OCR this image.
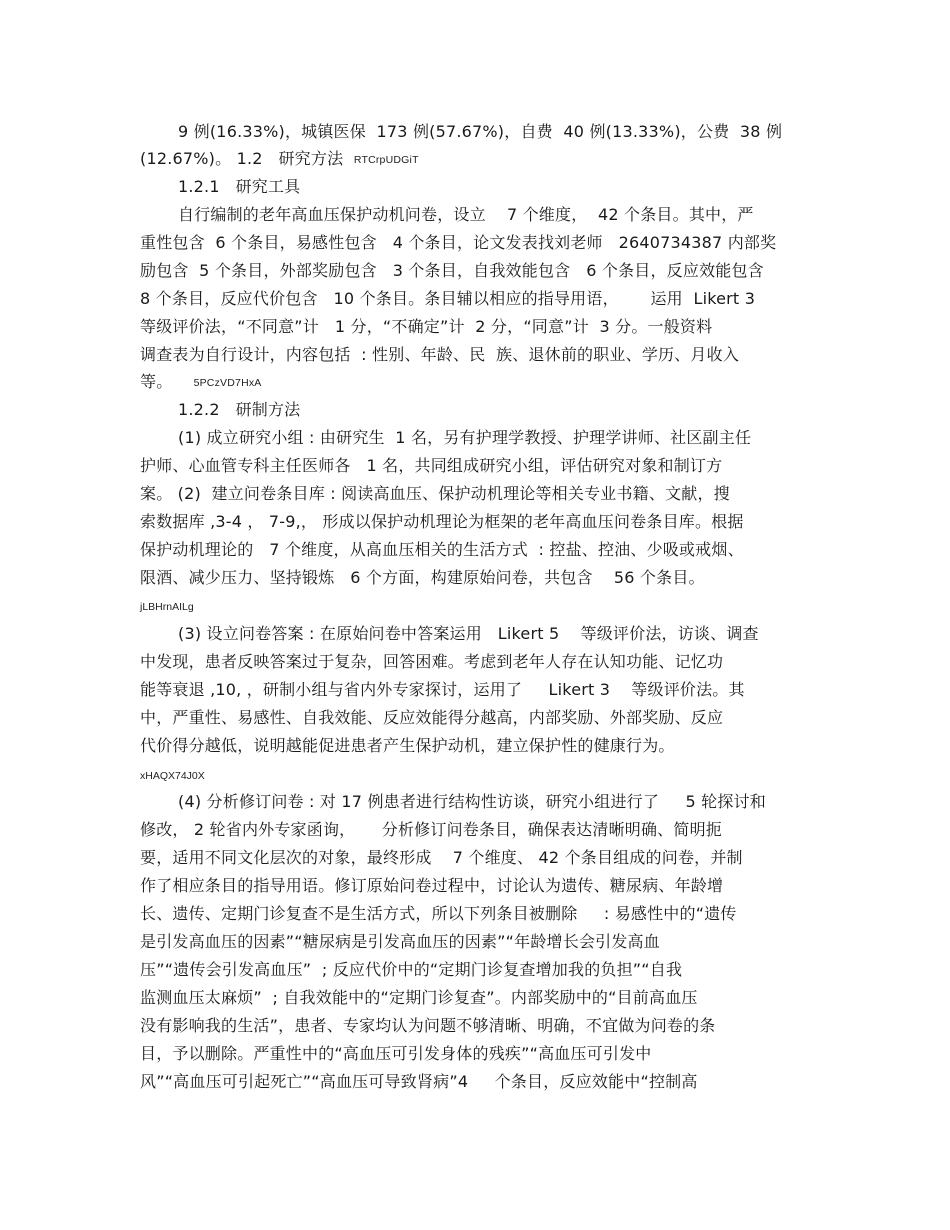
9 例(16.33%)，城镇医保  173 例(57.67%)，自费  40 例(13.33%)，公费  38 例
(12.67%)。 1.2   研究方法 RTCrpUDGiT
1.2.1   研究工具
自行编制的老年高血压保护动机问卷，设立    7 个维度，  42 个条目。其中，严
重性包含  6 个条目，易感性包含   4 个条目，论文发表找刘老师   2640734387 内部奖
励包含  5 个条目，外部奖励包含   3 个条目，自我效能包含   6 个条目，反应效能包含
8 个条目，反应代价包含   10 个条目。条目辅以相应的指导用语，      运用  Likert 3
等级评价法，“不同意”计   1 分，“不确定”计  2 分，“同意”计  3 分。一般资料
调查表为自行设计，内容包括  : 性别、年龄、民  族、退休前的职业、学历、月收入
等。 5PCzVD7HxA
1.2.2   研制方法
(1) 成立研究小组 : 由研究生  1 名，另有护理学教授、护理学讲师、社区副主任
护师、心血管专科主任医师各   1 名，共同组成研究小组，评估研究对象和制订方
案。 (2)  建立问卷条目库 : 阅读高血压、保护动机理论等相关专业书籍、文献，搜
索数据库 ,3-4 ， 7-9,， 形成以保护动机理论为框架的老年高血压问卷条目库。根据
保护动机理论的   7 个维度，从高血压相关的生活方式  : 控盐、控油、少吸或戒烟、
限酒、减少压力、坚持锻炼   6 个方面，构建原始问卷，共包含    56 个条目。
jLBHrnAILg
(3) 设立问卷答案 : 在原始问卷中答案运用   Likert 5    等级评价法，访谈、调查
中发现，患者反映答案过于复杂，回答困难。考虑到老年人存在认知功能、记忆功
能等衰退 ,10, ，研制小组与省内外专家探讨，运用了     Likert 3    等级评价法。其
中，严重性、易感性、自我效能、反应效能得分越高，内部奖励、外部奖励、反应
代价得分越低，说明越能促进患者产生保护动机，建立保护性的健康行为。
xHAQX74J0X
(4) 分析修订问卷 : 对 17 例患者进行结构性访谈，研究小组进行了     5 轮探讨和
修改， 2 轮省内外专家函询，     分析修订问卷条目，确保表达清晰明确、简明扼
要，适用不同文化层次的对象，最终形成    7 个维度、 42 个条目组成的问卷，并制
作了相应条目的指导用语。修订原始问卷过程中，讨论认为遗传、糖尿病、年龄增
长、遗传、定期门诊复查不是生活方式，所以下列条目被删除     : 易感性中的“遗传
是引发高血压的因素”“糖尿病是引发高血压的因素”“年龄增长会引发高血
压”“遗传会引发高血压”  ; 反应代价中的“定期门诊复查增加我的负担”“自我
监测血压太麻烦”  ; 自我效能中的“定期门诊复查”。内部奖励中的“目前高血压
没有影响我的生活”，患者、专家均认为问题不够清晰、明确，不宜做为问卷的条
目，予以删除。严重性中的“高血压可引发身体的残疾”“高血压可引发中
风”“高血压可引起死亡”“高血压可导致肾病”4     个条目，反应效能中“控制高
